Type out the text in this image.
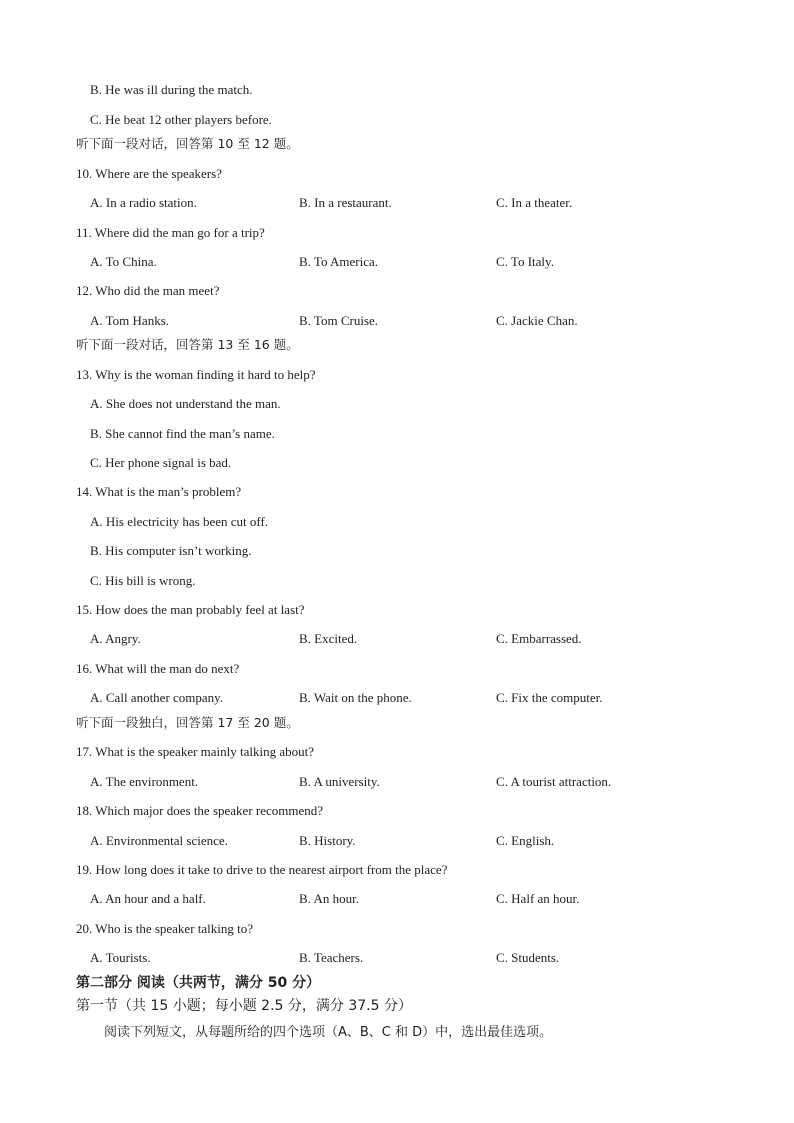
B. He was ill during the match.
C. He beat 12 other players before.
听下面一段对话，回答第 10 至 12 题。
10. Where are the speakers?
A. In a radio station.	B. In a restaurant.	C. In a theater.
11. Where did the man go for a trip?
A. To China.	B. To America.	C. To Italy.
12. Who did the man meet?
A. Tom Hanks.	B. Tom Cruise.	C. Jackie Chan.
听下面一段对话，回答第 13 至 16 题。
13. Why is the woman finding it hard to help?
A. She does not understand the man.
B. She cannot find the man’s name.
C. Her phone signal is bad.
14. What is the man’s problem?
A. His electricity has been cut off.
B. His computer isn’t working.
C. His bill is wrong.
15. How does the man probably feel at last?
A. Angry.	B. Excited.	C. Embarrassed.
16. What will the man do next?
A. Call another company.	B. Wait on the phone.	C. Fix the computer.
听下面一段独白，回答第 17 至 20 题。
17. What is the speaker mainly talking about?
A. The environment.	B. A university.	C. A tourist attraction.
18. Which major does the speaker recommend?
A. Environmental science.	B. History.	C. English.
19. How long does it take to drive to the nearest airport from the place?
A. An hour and a half.	B. An hour.	C. Half an hour.
20. Who is the speaker talking to?
A. Tourists.	B. Teachers.	C. Students.
第二部分 阅读（共两节，满分 50 分）
第一节（共 15 小题；每小题 2.5 分，满分 37.5 分）
阅读下列短文，从每题所给的四个选项（A、B、C 和 D）中，选出最佳选项。
